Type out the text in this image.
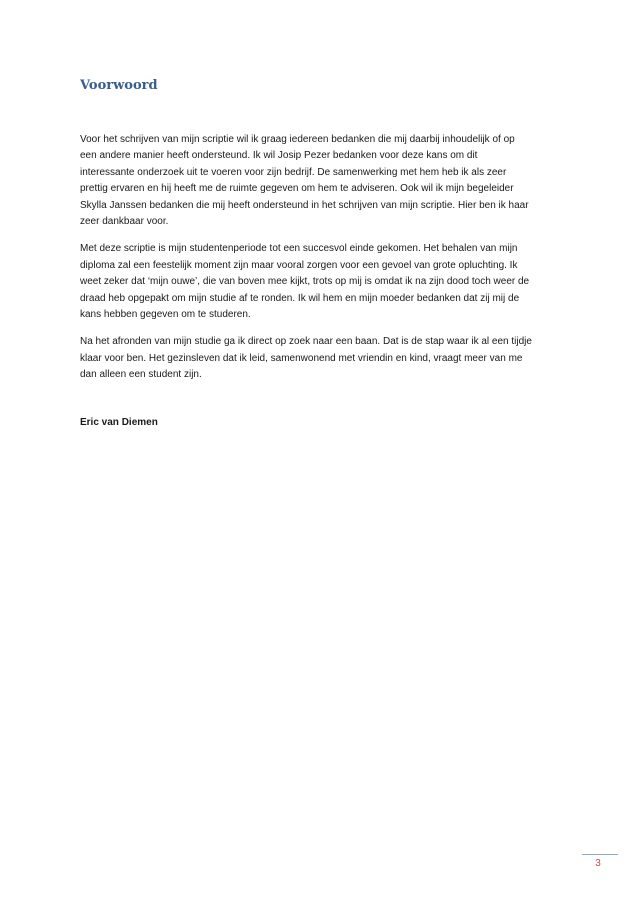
Voorwoord

Voor het schrijven van mijn scriptie wil ik graag iedereen bedanken die mij daarbij inhoudelijk of op
een andere manier heeft ondersteund. Ik wil Josip Pezer bedanken voor deze kans om dit
interessante onderzoek uit te voeren voor zijn bedrijf. De samenwerking met hem heb ik als zeer
prettig ervaren en hij heeft me de ruimte gegeven om hem te adviseren. Ook wil ik mijn begeleider
Skylla Janssen bedanken die mij heeft ondersteund in het schrijven van mijn scriptie. Hier ben ik haar
zeer dankbaar voor.

Met deze scriptie is mijn studentenperiode tot een succesvol einde gekomen. Het behalen van mijn
diploma zal een feestelijk moment zijn maar vooral zorgen voor een gevoel van grote opluchting. Ik
weet zeker dat ‘mijn ouwe’, die van boven mee kijkt, trots op mij is omdat ik na zijn dood toch weer de
draad heb opgepakt om mijn studie af te ronden. Ik wil hem en mijn moeder bedanken dat zij mij de
kans hebben gegeven om te studeren.

Na het afronden van mijn studie ga ik direct op zoek naar een baan. Dat is de stap waar ik al een tijdje
klaar voor ben. Het gezinsleven dat ik leid, samenwonend met vriendin en kind, vraagt meer van me
dan alleen een student zijn.

Eric van Diemen

3
